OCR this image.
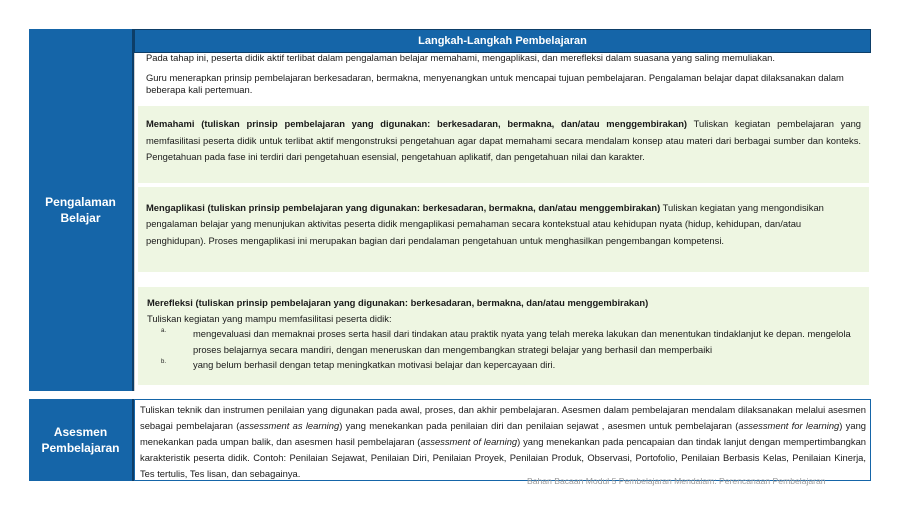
Pengalaman Belajar
Asesmen Pembelajaran
Langkah-Langkah Pembelajaran
Pada tahap ini, peserta didik aktif terlibat dalam pengalaman belajar memahami, mengaplikasi, dan merefleksi dalam suasana yang saling memuliakan.
Guru menerapkan prinsip pembelajaran berkesadaran, bermakna, menyenangkan untuk mencapai tujuan pembelajaran. Pengalaman belajar dapat dilaksanakan dalam beberapa kali pertemuan.
Memahami (tuliskan prinsip pembelajaran yang digunakan: berkesadaran, bermakna, dan/atau menggembirakan) Tuliskan kegiatan pembelajaran yang memfasilitasi peserta didik untuk terlibat aktif mengonstruksi pengetahuan agar dapat memahami secara mendalam konsep atau materi dari berbagai sumber dan konteks. Pengetahuan pada fase ini terdiri dari pengetahuan esensial, pengetahuan aplikatif, dan pengetahuan nilai dan karakter.
Mengaplikasi (tuliskan prinsip pembelajaran yang digunakan: berkesadaran, bermakna, dan/atau menggembirakan) Tuliskan kegiatan yang mengondisikan pengalaman belajar yang menunjukan aktivitas peserta didik mengaplikasi pemahaman secara kontekstual atau kehidupan nyata (hidup, kehidupan, dan/atau penghidupan). Proses mengaplikasi ini merupakan bagian dari pendalaman pengetahuan untuk menghasilkan pengembangan kompetensi.
Merefleksi (tuliskan prinsip pembelajaran yang digunakan: berkesadaran, bermakna, dan/atau menggembirakan)
Tuliskan kegiatan yang mampu memfasilitasi peserta didik:
a.	mengevaluasi dan memaknai proses serta hasil dari tindakan atau praktik nyata yang telah mereka lakukan dan menentukan tindaklanjut ke depan. mengelola proses belajarnya secara mandiri, dengan meneruskan dan mengembangkan strategi belajar yang berhasil dan memperbaiki
b.	yang belum berhasil dengan tetap meningkatkan motivasi belajar dan kepercayaan diri.
Tuliskan teknik dan instrumen penilaian yang digunakan pada awal, proses, dan akhir pembelajaran. Asesmen dalam pembelajaran mendalam dilaksanakan melalui asesmen sebagai pembelajaran (assessment as learning) yang menekankan pada penilaian diri dan penilaian sejawat , asesmen untuk pembelajaran (assessment for learning) yang menekankan pada umpan balik, dan asesmen hasil pembelajaran (assessment of learning) yang menekankan pada pencapaian dan tindak lanjut dengan mempertimbangkan karakteristik peserta didik. Contoh: Penilaian Sejawat, Penilaian Diri, Penilaian Proyek, Penilaian Produk, Observasi, Portofolio, Penilaian Berbasis Kelas, Penilaian Kinerja, Tes tertulis, Tes lisan, dan sebagainya.
Bahan Bacaan Modul 5 Pembelajaran Mendalam: Perencanaan Pembelajaran
